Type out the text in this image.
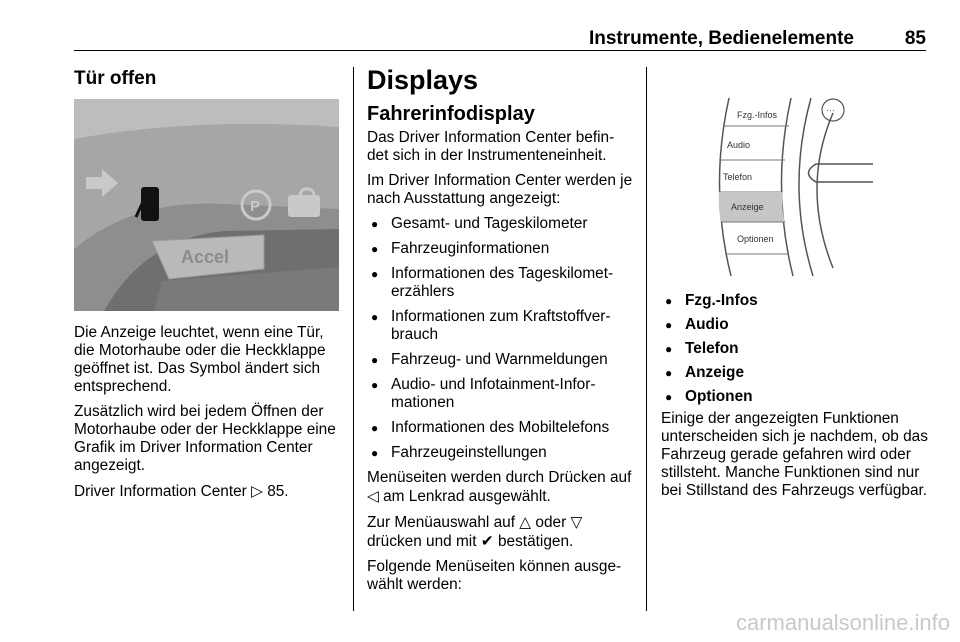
Instrumente, Bedienelemente	85
Tür offen
P
Accel

Die Anzeige leuchtet, wenn eine Tür, die Motorhaube oder die Heckklappe geöffnet ist. Das Symbol ändert sich entsprechend.

Zusätzlich wird bei jedem Öffnen der Motorhaube oder der Heckklappe eine Grafik im Driver Information Center angezeigt.

Driver Information Center ▷ 85.

Displays
Fahrerinfodisplay

Das Driver Information Center befin- det sich in der Instrumenteneinheit.

Im Driver Information Center werden je nach Ausstattung angezeigt:

● Gesamt- und Tageskilometer
● Fahrzeuginformationen
● Informationen des Tageskilomet- erzählers
● Informationen zum Kraftstoffver- brauch
● Fahrzeug- und Warnmeldungen
● Audio- und Infotainment-Infor- mationen
● Informationen des Mobiltelefons
● Fahrzeugeinstellungen

Menüseiten werden durch Drücken auf ◁ am Lenkrad ausgewählt.

Zur Menüauswahl auf △ oder ▽ drücken und mit ✔ bestätigen.

Folgende Menüseiten können ausge- wählt werden:

Fzg.-Infos
Audio
Telefon
Anzeige
Optionen
···
● Fzg.-Infos
● Audio
● Telefon
● Anzeige
● Optionen

Einige der angezeigten Funktionen unterscheiden sich je nachdem, ob das Fahrzeug gerade gefahren wird oder stillsteht. Manche Funktionen sind nur bei Stillstand des Fahrzeugs verfügbar.

carmanualsonline.info
